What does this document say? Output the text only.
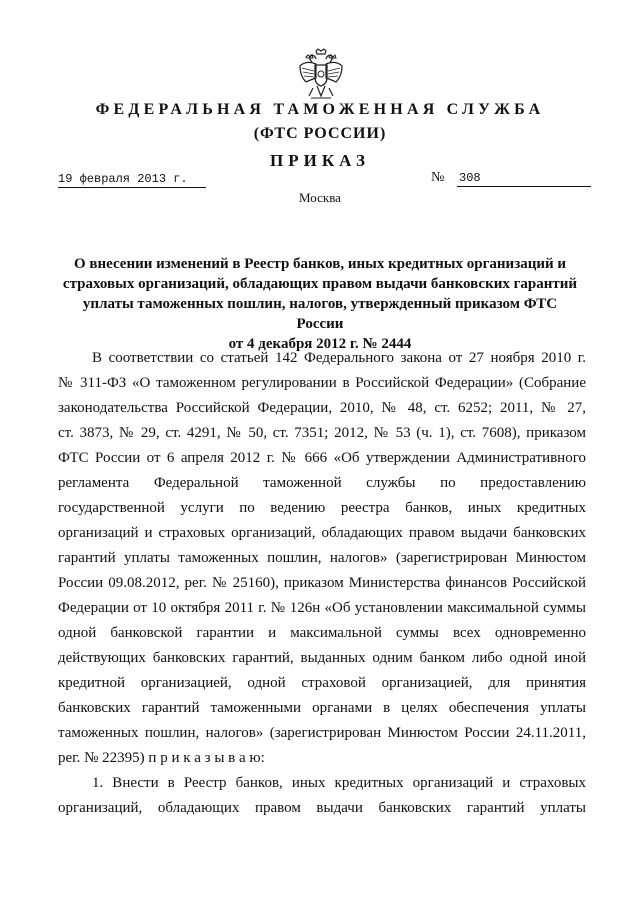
ФЕДЕРАЛЬНАЯ ТАМОЖЕННАЯ СЛУЖБА
(ФТС РОССИИ)
ПРИКАЗ
19 февраля 2013 г.	№ 308
Москва
О внесении изменений в Реестр банков, иных кредитных организаций и
страховых организаций, обладающих правом выдачи банковских гарантий
уплаты таможенных пошлин, налогов, утвержденный приказом ФТС России
от 4 декабря 2012 г. № 2444
В соответствии со статьей 142 Федерального закона от 27 ноября 2010 г.
№ 311-ФЗ «О таможенном регулировании в Российской Федерации» (Собрание
законодательства Российской Федерации, 2010, № 48, ст. 6252; 2011, № 27,
ст. 3873, № 29, ст. 4291, № 50, ст. 7351; 2012, № 53 (ч. 1), ст. 7608), приказом
ФТС России от 6 апреля 2012 г. № 666 «Об утверждении Административного
регламента Федеральной таможенной службы по предоставлению
государственной услуги по ведению реестра банков, иных кредитных
организаций и страховых организаций, обладающих правом выдачи банковских
гарантий уплаты таможенных пошлин, налогов» (зарегистрирован Минюстом
России 09.08.2012, рег. № 25160), приказом Министерства финансов Российской
Федерации от 10 октября 2011 г. № 126н «Об установлении максимальной суммы
одной банковской гарантии и максимальной суммы всех одновременно
действующих банковских гарантий, выданных одним банком либо одной иной
кредитной организацией, одной страховой организацией, для принятия
банковских гарантий таможенными органами в целях обеспечения уплаты
таможенных пошлин, налогов» (зарегистрирован Минюстом России 24.11.2011,
рег. № 22395) п р и к а з ы в а ю:
1. Внести в Реестр банков, иных кредитных организаций и страховых
организаций, обладающих правом выдачи банковских гарантий уплаты
